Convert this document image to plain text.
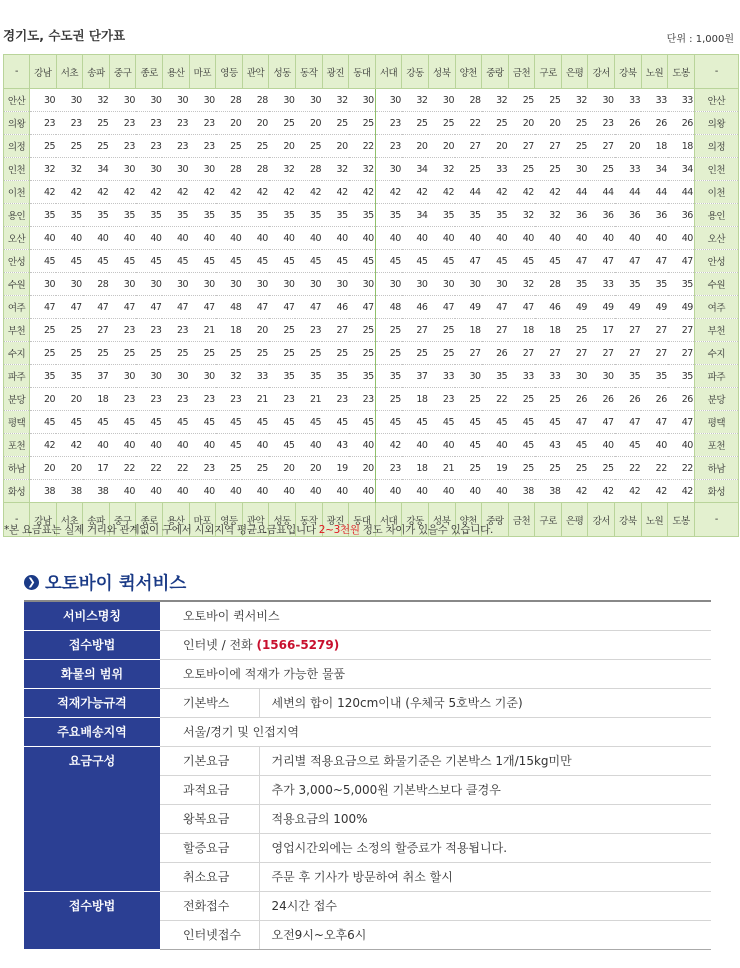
경기도, 수도권 단가표	단위 : 1,000원
-	강남	서초	송파	중구	종로	용산	마포	영등	관악	성동	동작	광진	동대	서대	강동	성북	양천	중랑	금천	구로	은평	강서	강북	노원	도봉	-
안산	30	30	32	30	30	30	30	28	28	30	30	32	30	30	32	30	28	32	25	25	32	30	33	33	33	안산
의왕	23	23	25	23	23	23	23	20	20	25	20	25	25	23	25	25	22	25	20	20	25	23	26	26	26	의왕
의정	25	25	25	23	23	23	23	25	25	20	25	20	22	23	20	20	27	20	27	27	25	27	20	18	18	의정
인천	32	32	34	30	30	30	30	28	28	32	28	32	32	30	34	32	25	33	25	25	30	25	33	34	34	인천
이천	42	42	42	42	42	42	42	42	42	42	42	42	42	42	42	42	44	42	42	42	44	44	44	44	44	이천
용인	35	35	35	35	35	35	35	35	35	35	35	35	35	35	34	35	35	35	32	32	36	36	36	36	36	용인
오산	40	40	40	40	40	40	40	40	40	40	40	40	40	40	40	40	40	40	40	40	40	40	40	40	40	오산
안성	45	45	45	45	45	45	45	45	45	45	45	45	45	45	45	45	47	45	45	45	47	47	47	47	47	안성
수원	30	30	28	30	30	30	30	30	30	30	30	30	30	30	30	30	30	30	32	28	35	33	35	35	35	수원
여주	47	47	47	47	47	47	47	48	47	47	47	46	47	48	46	47	49	47	47	46	49	49	49	49	49	여주
부천	25	25	27	23	23	23	21	18	20	25	23	27	25	25	27	25	18	27	18	18	25	17	27	27	27	부천
수지	25	25	25	25	25	25	25	25	25	25	25	25	25	25	25	25	27	26	27	27	27	27	27	27	27	수지
파주	35	35	37	30	30	30	30	32	33	35	35	35	35	35	37	33	30	35	33	33	30	30	35	35	35	파주
분당	20	20	18	23	23	23	23	23	21	23	21	23	23	25	18	23	25	22	25	25	26	26	26	26	26	분당
평택	45	45	45	45	45	45	45	45	45	45	45	45	45	45	45	45	45	45	45	45	47	47	47	47	47	평택
포천	42	42	40	40	40	40	40	45	40	45	40	43	40	42	40	40	45	40	45	43	45	40	45	40	40	포천
하남	20	20	17	22	22	22	23	25	25	20	20	19	20	23	18	21	25	19	25	25	25	25	22	22	22	하남
화성	38	38	38	40	40	40	40	40	40	40	40	40	40	40	40	40	40	40	38	38	42	42	42	42	42	화성
-	강남	서초	송파	중구	종로	용산	마포	영등	관악	성동	동작	광진	동대	서대	강동	성북	양천	중랑	금천	구로	은평	강서	강북	노원	도봉	-
*본 요금표는 실제 거리와 관계없이 구에서 시외지역 평균요금표입니다 2~3천원 정도 차이가 있을수 있습니다.
❯ 오토바이 퀵서비스
서비스명칭	오토바이 퀵서비스	
접수방법	인터넷 / 전화 (1566-5279)	
화물의 범위	오토바이에 적재가 가능한 물품	
적재가능규격	기본박스	세변의 합이 120cm이내 (우체국 5호박스 기준)
주요배송지역	서울/경기 및 인접지역	
요금구성	기본요금	거리별 적용요금으로 화물기준은 기본박스 1개/15kg미만
	과적요금	추가 3,000~5,000원 기본박스보다 클경우
	왕복요금	적용요금의 100%
	할증요금	영업시간외에는 소정의 할증료가 적용됩니다.
	취소요금	주문 후 기사가 방문하여 취소 할시
접수방법	전화접수	24시간 접수
	인터넷접수	오전9시~오후6시
